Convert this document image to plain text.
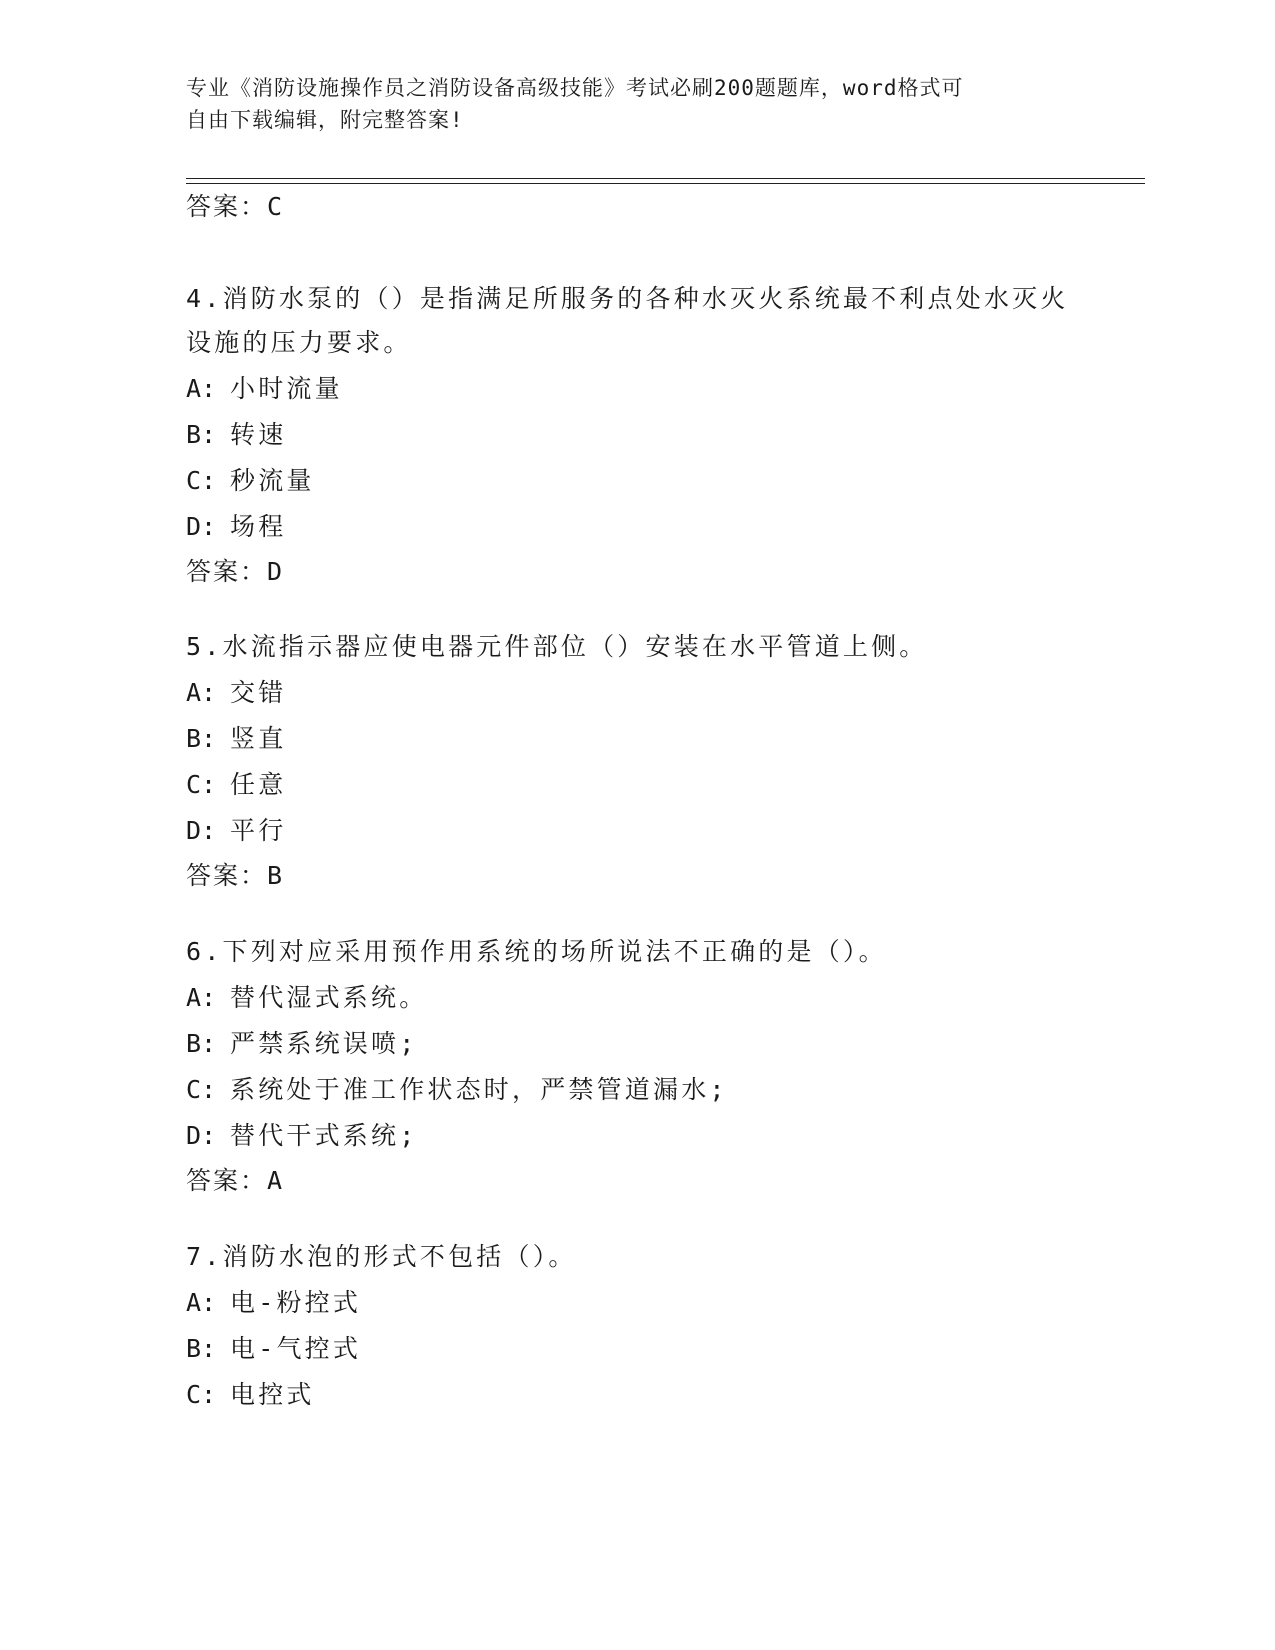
专业《消防设施操作员之消防设备高级技能》考试必刷200题题库，word格式可
自由下载编辑，附完整答案!
答案：C
4.消防水泵的（）是指满足所服务的各种水灭火系统最不利点处水灭火设施的压力要求。
A: 小时流量
B: 转速
C: 秒流量
D: 场程
答案：D
5.水流指示器应使电器元件部位（）安装在水平管道上侧。
A: 交错
B: 竖直
C: 任意
D: 平行
答案：B
6.下列对应采用预作用系统的场所说法不正确的是（）。
A: 替代湿式系统。
B: 严禁系统误喷;
C: 系统处于准工作状态时，严禁管道漏水;
D: 替代干式系统;
答案：A
7.消防水泡的形式不包括（）。
A: 电-粉控式
B: 电-气控式
C: 电控式
